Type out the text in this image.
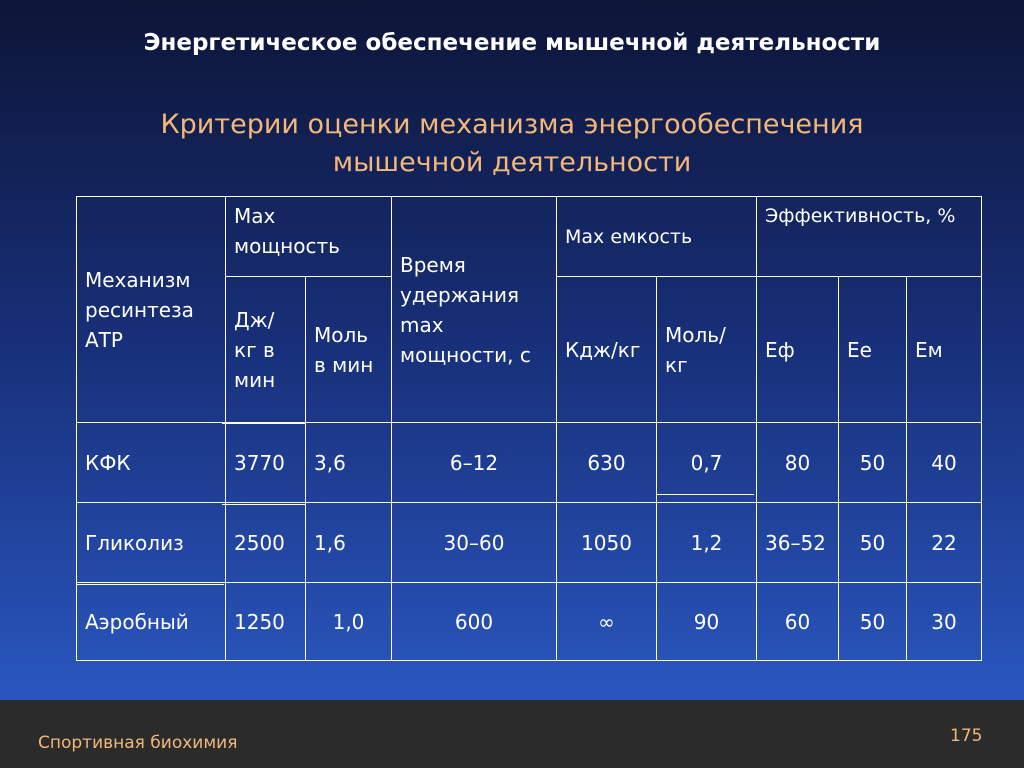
Энергетическое обеспечение мышечной деятельности
Критерии оценки механизма энергообеспечения
мышечной деятельности
Механизм ресинтеза АТР	Max мощность		Время удержания max мощности, с	Max емкость		Эффективность, %		
	Дж/ кг в мин	Моль в мин		Кдж/кг	Моль/ кг	Еф	Ее	Ем
КФК	3770	3,6	6–12	630	0,7	80	50	40
Гликолиз	2500	1,6	30–60	1050	1,2	36–52	50	22
Аэробный	1250	1,0	600	∞	90	60	50	30
Спортивная биохимия	175
